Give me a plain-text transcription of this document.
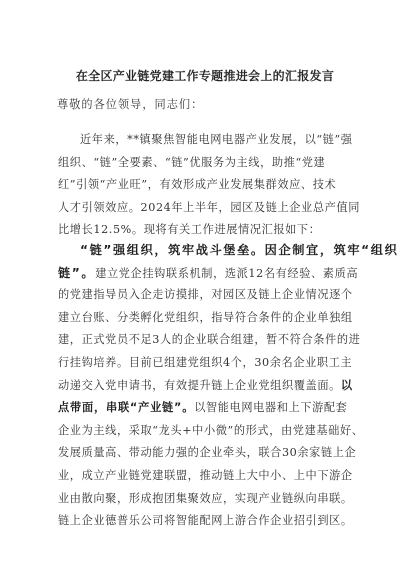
在全区产业链党建工作专题推进会上的汇报发言
尊敬的各位领导，同志们：
近年来，**镇聚焦智能电网电器产业发展，以“链”强
组织、“链”全要素、“链”优服务为主线，助推“党建
红”引领“产业旺”，有效形成产业发展集群效应、技术
人才引领效应。2024年上半年，园区及链上企业总产值同
比增长12.5%。现将有关工作进展情况汇报如下：
“链”强组织，筑牢战斗堡垒。因企制宜，筑牢“组织
链”。建立党企挂钩联系机制，选派12名有经验、素质高
的党建指导员入企走访摸排，对园区及链上企业情况逐个
建立台账、分类孵化党组织，指导符合条件的企业单独组
建，正式党员不足3人的企业联合组建，暂不符合条件的进
行挂钩培养。目前已组建党组织4个，30余名企业职工主
动递交入党申请书，有效提升链上企业党组织覆盖面。以
点带面，串联“产业链”。以智能电网电器和上下游配套
企业为主线，采取“龙头+中小微”的形式，由党建基础好、
发展质量高、带动能力强的企业牵头，联合30余家链上企
业，成立产业链党建联盟，推动链上大中小、上中下游企
业由散向聚，形成抱团集聚效应，实现产业链纵向串联。
链上企业德普乐公司将智能配网上游合作企业招引到区。
